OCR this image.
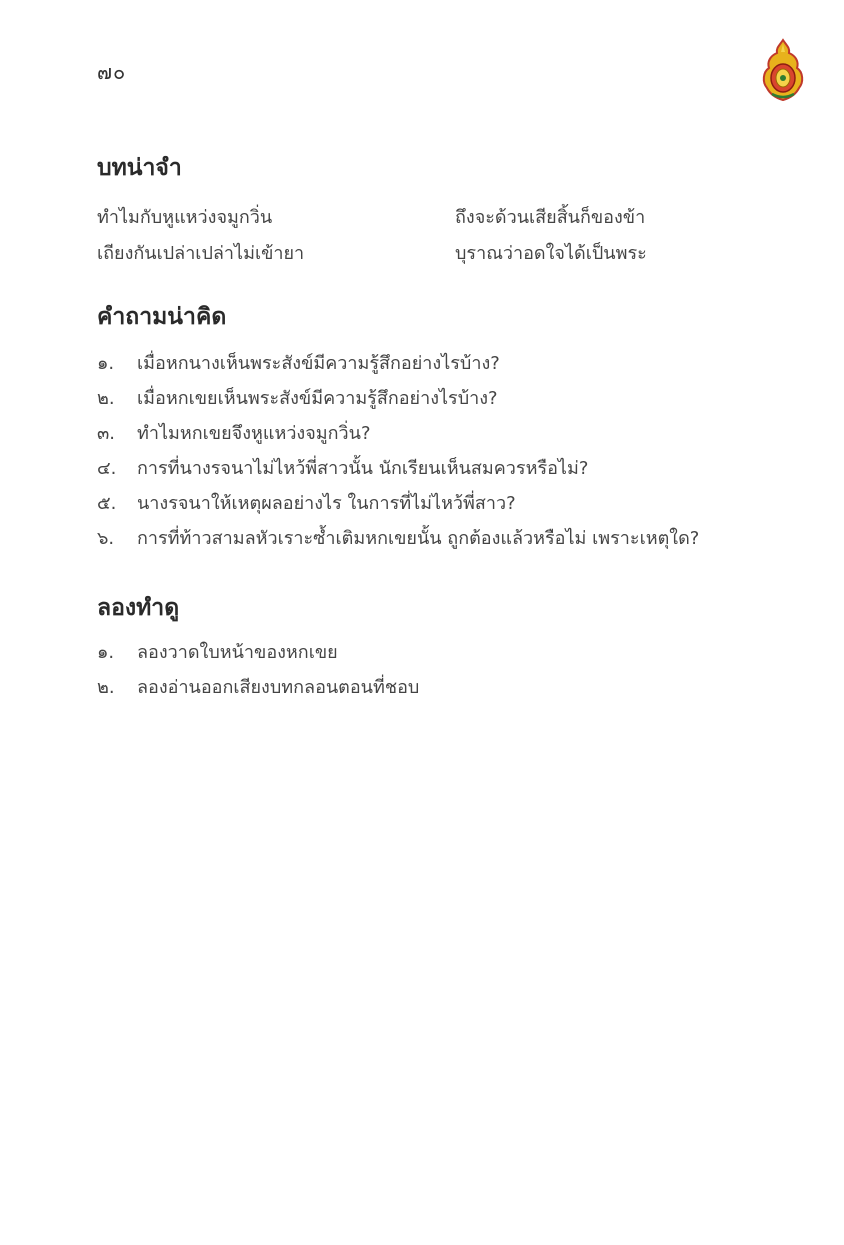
๗๐
บทน่าจำ
ทำไมกับหูแหว่งจมูกวิ่น	ถึงจะด้วนเสียสิ้นก็ของข้า
เถียงกันเปล่าเปล่าไม่เข้ายา	บุราณว่าอดใจได้เป็นพระ
คำถามน่าคิด
๑.	เมื่อหกนางเห็นพระสังข์มีความรู้สึกอย่างไรบ้าง?
๒.	เมื่อหกเขยเห็นพระสังข์มีความรู้สึกอย่างไรบ้าง?
๓.	ทำไมหกเขยจึงหูแหว่งจมูกวิ่น?
๔.	การที่นางรจนาไม่ไหว้พี่สาวนั้น นักเรียนเห็นสมควรหรือไม่?
๕.	นางรจนาให้เหตุผลอย่างไร ในการที่ไม่ไหว้พี่สาว?
๖.	การที่ท้าวสามลหัวเราะซ้ำเติมหกเขยนั้น ถูกต้องแล้วหรือไม่ เพราะเหตุใด?
ลองทำดู
๑.	ลองวาดใบหน้าของหกเขย
๒.	ลองอ่านออกเสียงบทกลอนตอนที่ชอบ
